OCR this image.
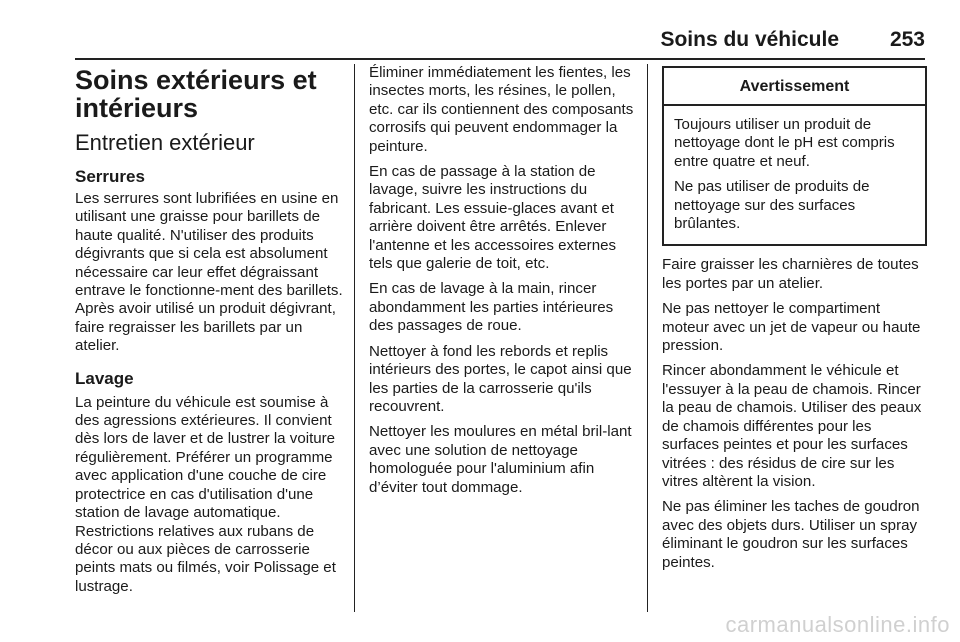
Soins du véhicule 253
Soins extérieurs et intérieurs
Entretien extérieur
Serrures

Les serrures sont lubrifiées en usine en utilisant une graisse pour barillets de haute qualité. N'utiliser des produits dégivrants que si cela est absolument nécessaire car leur effet dégraissant entrave le fonctionne-ment des barillets. Après avoir utilisé un produit dégivrant, faire regraisser les barillets par un atelier.

Lavage

La peinture du véhicule est soumise à des agressions extérieures. Il convient dès lors de laver et de lustrer la voiture régulièrement. Préférer un programme avec application d'une couche de cire protectrice en cas d'utilisation d'une station de lavage automatique. Restrictions relatives aux rubans de décor ou aux pièces de carrosserie peints mats ou filmés, voir Polissage et lustrage.

Éliminer immédiatement les fientes, les insectes morts, les résines, le pollen, etc. car ils contiennent des composants corrosifs qui peuvent endommager la peinture.

En cas de passage à la station de lavage, suivre les instructions du fabricant. Les essuie-glaces avant et arrière doivent être arrêtés. Enlever l'antenne et les accessoires externes tels que galerie de toit, etc.

En cas de lavage à la main, rincer abondamment les parties intérieures des passages de roue.

Nettoyer à fond les rebords et replis intérieurs des portes, le capot ainsi que les parties de la carrosserie qu'ils recouvrent.

Nettoyer les moulures en métal bril-lant avec une solution de nettoyage homologuée pour l'aluminium afin d’éviter tout dommage.

Avertissement

Toujours utiliser un produit de nettoyage dont le pH est compris entre quatre et neuf.

Ne pas utiliser de produits de nettoyage sur des surfaces brûlantes.

Faire graisser les charnières de toutes les portes par un atelier.

Ne pas nettoyer le compartiment moteur avec un jet de vapeur ou haute pression.

Rincer abondamment le véhicule et l'essuyer à la peau de chamois. Rincer la peau de chamois. Utiliser des peaux de chamois différentes pour les surfaces peintes et pour les surfaces vitrées : des résidus de cire sur les vitres altèrent la vision.

Ne pas éliminer les taches de goudron avec des objets durs. Utiliser un spray éliminant le goudron sur les surfaces peintes.

carmanualsonline.info
